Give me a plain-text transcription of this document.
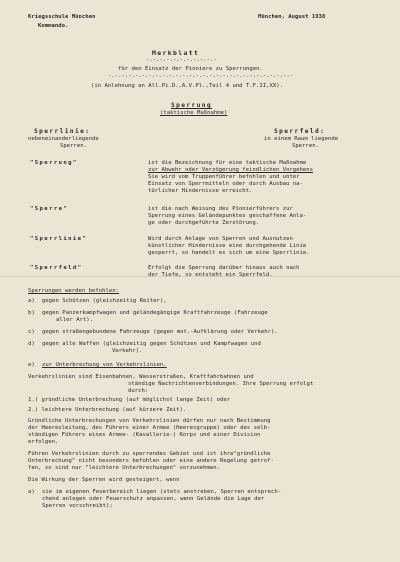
Kriegsschule München
Kommando.
München, August 1938
Merkblatt
-.-.-.-.-.-.-.-.-.-.-
für den Einsatz der Pioniere zu Sperrungen.
-.-.-.-.-.-.-.-.-.-.-.-.-.-.-.-.-.-.-.-.-.-.-.-.-.-.-.-
(in Anlehnung an All.Pi.D.,A.V.Pl.,Teil 4 und T.F.II,XX).
Sperrung
(taktische Maßnahme)
Sperrlinie:
nebeneinanderliegende
Sperren.
Sperrfeld:
in einem Raum liegende
Sperren.
"Sperrung"	ist die Bezeichnung für eine taktische Maßnahme
zur Abwehr oder Verzögerung feindlichen Vorgehens
Sie wird vom Truppenführer befohlen und unter
Einsatz von Sperrmitteln oder durch Ausbau na-
türlicher Hindernisse erreicht.
"Sperre"	ist die nach Weisung des Pionierführers zur
Sperrung eines Geländepunktes geschaffene Anla-
ge oder durchgeführte Zerstörung.
"Sperrlinie"	Wird durch Anlage von Sperren und Ausnutzen
künstlicher Hindernisse eine durchgehende Linie
gesperrt, so handelt es sich um eine Sperrlinie.
"Sperrfeld"	Erfolgt die Sperrung darüber hinaus auch nach
der Tiefe, so entsteht ein Sperrfeld.
Sperrungen werden befohlen:
a) gegen Schützen (gleichzeitig Reiter),
b) gegen Panzerkampfwagen und geländegängige Kraftfahrzeuge (Fahrzeuge
aller Art).
c) gegen straßengebundene Fahrzeuge (gegen mot.-Aufklärung oder Verkehr).
d) gegen alle Waffen (gleichzeitig gegen Schützen und Kampfwagen und
Verkehr).
e) zur Unterbrechung von Verkehrslinien.
Verkehrslinien sind Eisenbahnen, Wasserstraßen, Kraftfahrbahnen und
ständige Nachrichtenverbindungen. Ihre Sperrung erfolgt
durch:
1.) gründliche Unterbrechung (auf möglichst lange Zeit) oder
2.) leichtere Unterbrechung (auf kürzere Zeit).
Gründliche Unterbrechungen von Verkehrslinien dürfen nur nach Bestimmung
der Heeresleitung, des Führers einer Armee (Heeresgruppe) oder des selb-
ständigen Führers eines Armee- (Kavallerie-) Korps und einer Division
erfolgen.
Führen Verkehrslinien durch zu sperrendes Gebiet und ist ihre"gründliche
Unterbrechung" nicht besonders befohlen oder eine andere Regelung getrof-
fen, so sind nur "leichtere Unterbrechungen" vorzunehmen.
Die Wirkung der Sperren wird gesteigert, wenn
a) sie im eigenen Feuerbereich liegen (stets anstreben, Sperren entsprech-
chend anlegen oder Feuerschutz anpassen, wenn Gelände die Lage der
Sperren vorschreibt);
